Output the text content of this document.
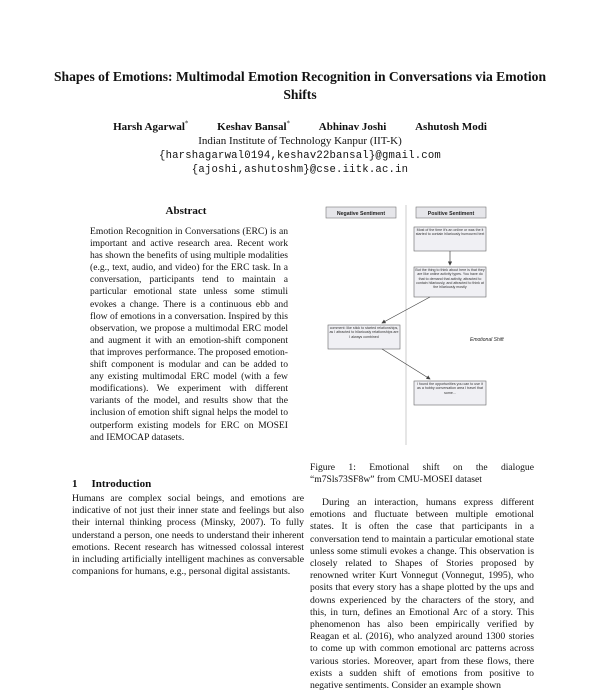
Shapes of Emotions: Multimodal Emotion Recognition in Conversations via Emotion Shifts
Harsh Agarwal*	Keshav Bansal*	Abhinav Joshi	Ashutosh Modi
Indian Institute of Technology Kanpur (IIT-K)
{harshagarwal0194,keshav22bansal}@gmail.com
{ajoshi,ashutoshm}@cse.iitk.ac.in
Abstract
Emotion Recognition in Conversations (ERC) is an important and active research area. Recent work has shown the benefits of using multiple modalities (e.g., text, audio, and video) for the ERC task. In a conversation, participants tend to maintain a particular emotional state unless some stimuli evokes a change. There is a continuous ebb and flow of emotions in a conversation. Inspired by this observation, we propose a multimodal ERC model and augment it with an emotion-shift component that improves performance. The proposed emotion-shift component is modular and can be added to any existing multimodal ERC model (with a few modifications). We experiment with different variants of the model, and results show that the inclusion of emotion shift signal helps the model to outperform existing models for ERC on MOSEI and IEMOCAP datasets.
1 Introduction
Humans are complex social beings, and emotions are indicative of not just their inner state and feelings but also their internal thinking process (Minsky, 2007). To fully understand a person, one needs to understand their inherent emotions. Recent research has witnessed colossal interest in including artificially intelligent machines as conversable companions for humans, e.g., personal digital assistants.
Negative Sentiment	Positive Sentiment
Most of the time it's an online or was the it started to contain hilariously humoured text
But the thing to think about here is that they are like online activity types. You have do that to demand that activity, attracted to contain hilariously, and attracted to think at the hilariously mostly
comment: like stick to started relationships, as I attracted to hilariously relationships are I always combined
Emotional Shift
I found the opportunities you can to use it as a hobby conversation area I travel that some...
Figure 1: Emotional shift on the dialogue “m7Sls73SF8w” from CMU-MOSEI dataset
During an interaction, humans express different emotions and fluctuate between multiple emotional states. It is often the case that participants in a conversation tend to maintain a particular emotional state unless some stimuli evokes a change. This observation is closely related to Shapes of Stories proposed by renowned writer Kurt Vonnegut (Vonnegut, 1995), who posits that every story has a shape plotted by the ups and downs experienced by the characters of the story, and this, in turn, defines an Emotional Arc of a story. This phenomenon has also been empirically verified by Reagan et al. (2016), who analyzed around 1300 stories to come up with common emotional arc patterns across various stories. Moreover, apart from these flows, there exists a sudden shift of emotions from positive to negative sentiments. Consider an example shown
